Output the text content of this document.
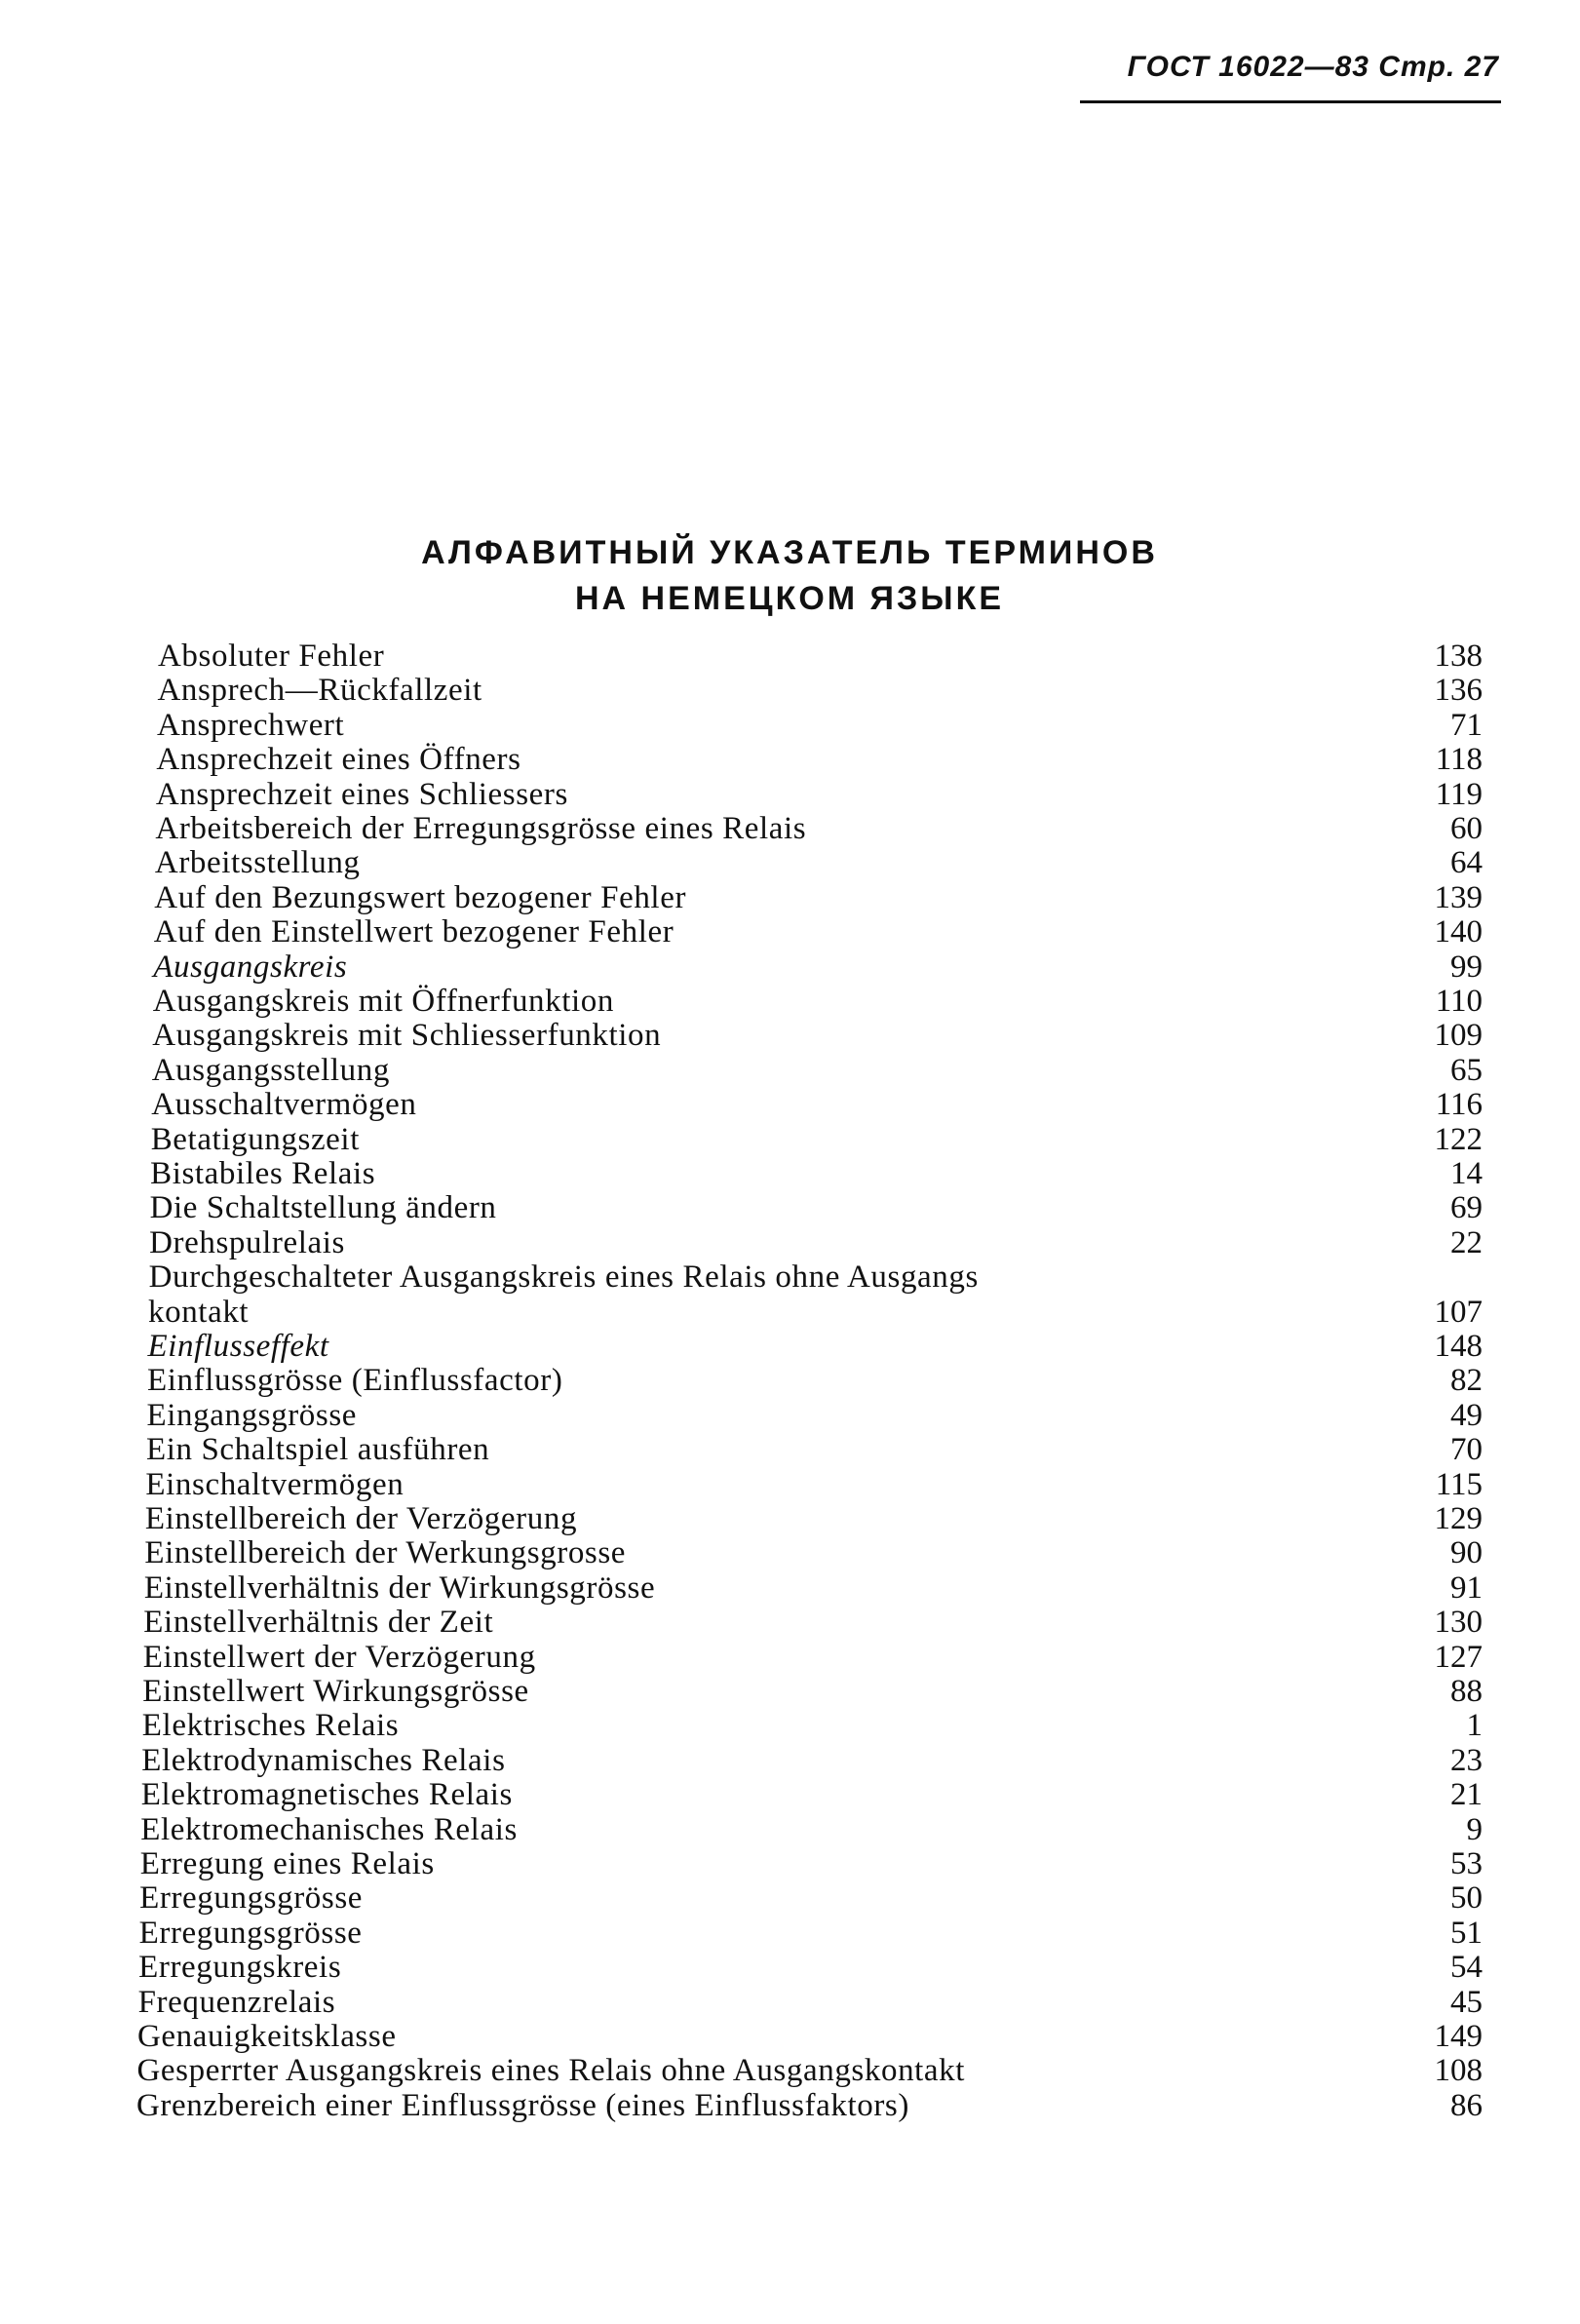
ГОСТ 16022—83 Стр. 27
АЛФАВИТНЫЙ УКАЗАТЕЛЬ ТЕРМИНОВ
НА НЕМЕЦКОМ ЯЗЫКЕ
Absoluter Fehler	138
Ansprech—Rückfallzeit	136
Ansprechwert	71
Ansprechzeit eines Öffners	118
Ansprechzeit eines Schliessers	119
Arbeitsbereich der Erregungsgrösse eines Relais	60
Arbeitsstellung	64
Auf den Bezungswert bezogener Fehler	139
Auf den Einstellwert bezogener Fehler	140
Ausgangskreis	99
Ausgangskreis mit Öffnerfunktion	110
Ausgangskreis mit Schliesserfunktion	109
Ausgangsstellung	65
Ausschaltvermögen	116
Betatigungszeit	122
Bistabiles Relais	14
Die Schaltstellung ändern	69
Drehspulrelais	22
Durchgeschalteter Ausgangskreis eines Relais ohne Ausgangs
kontakt	107
Einflusseffekt	148
Einflussgrösse (Einflussfactor)	82
Eingangsgrösse	49
Ein Schaltspiel ausführen	70
Einschaltvermögen	115
Einstellbereich der Verzögerung	129
Einstellbereich der Werkungsgrosse	90
Einstellverhältnis der Wirkungsgrösse	91
Einstellverhältnis der Zeit	130
Einstellwert der Verzögerung	127
Einstellwert Wirkungsgrösse	88
Elektrisches Relais	1
Elektrodynamisches Relais	23
Elektromagnetisches Relais	21
Elektromechanisches Relais	9
Erregung eines Relais	53
Erregungsgrösse	50
Erregungsgrösse	51
Erregungskreis	54
Frequenzrelais	45
Genauigkeitsklasse	149
Gesperrter Ausgangskreis eines Relais ohne Ausgangskontakt	108
Grenzbereich einer Einflussgrösse (eines Einflussfaktors)	86
